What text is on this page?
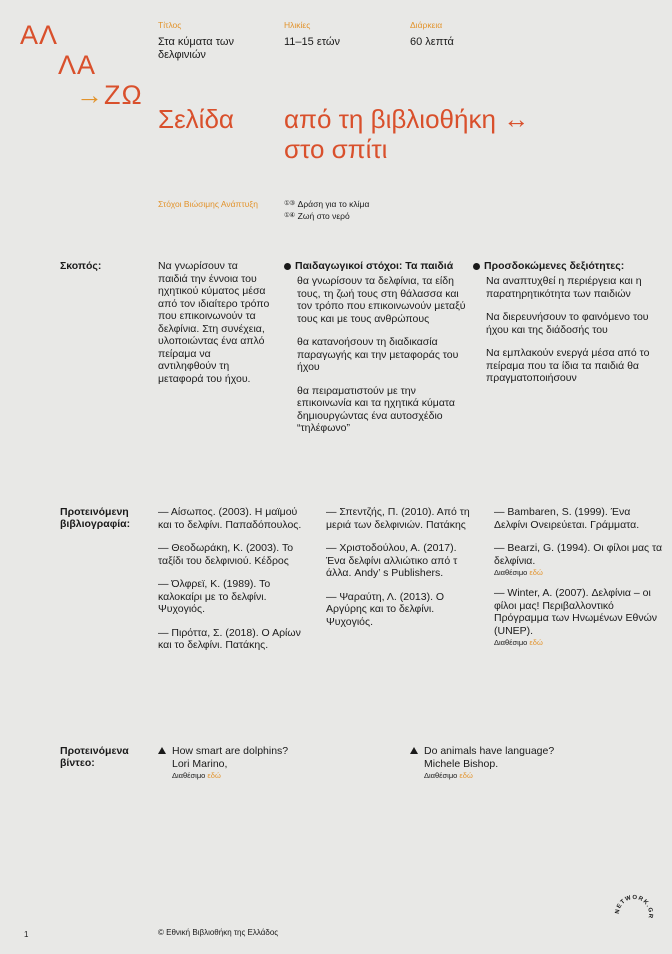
ΑΛ
ΛΑ
→ΖΩ
Τίτλος
Στα κύματα των δελφινιών
Ηλικίες
11–15 ετών
Διάρκεια
60 λεπτά
Σελίδα από τη βιβλιοθήκη ↔
στο σπίτι
Στόχοι Βιώσιμης Ανάπτυξη	①③ Δράση για το κλίμα
①④ Ζωή στο νερό
Σκοπός:	Να γνωρίσουν τα παιδιά την έννοια του ηχητικού κύματος μέσα από τον ιδιαίτερο τρόπο που επικοινωνούν τα δελφίνια. Στη συνέχεια, υλοποιώντας ένα απλό πείραμα να αντιληφθούν τη μεταφορά του ήχου.
Παιδαγωγικοί στόχοι: Τα παιδιά
θα γνωρίσουν τα δελφίνια, τα είδη τους, τη ζωή τους στη θάλασσα και τον τρόπο που επικοινωνούν μεταξύ τους και με τους ανθρώπους
θα κατανοήσουν τη διαδικασία παραγωγής και την μεταφοράς του ήχου
θα πειραματιστούν με την επικοινωνία και τα ηχητικά κύματα δημιουργώντας ένα αυτοσχέδιο “τηλέφωνο”
Προσδοκώμενες δεξιότητες:
Να αναπτυχθεί η περιέργεια και η παρατηρητικότητα των παιδιών
Να διερευνήσουν το φαινόμενο του ήχου και της διάδοσής του
Να εμπλακούν ενεργά μέσα από το πείραμα που τα ίδια τα παιδιά θα πραγματοποιήσουν
Προτεινόμενη βιβλιογραφία:
— Αίσωπος. (2003). Η μαϊμού και το δελφίνι. Παπαδόπουλος.
— Θεοδωράκη, Κ. (2003). Το ταξίδι του δελφινιού. Κέδρος
— Όλφρεϊ, Κ. (1989). Το καλοκαίρι με το δελφίνι. Ψυχογιός.
— Πιρόττα, Σ. (2018). Ο Αρίων και το δελφίνι. Πατάκης.
— Σπεντζής, Π. (2010). Από τη μεριά των δελφινιών. Πατάκης
— Χριστοδούλου, Α. (2017). Ένα δελφίνι αλλιώτικο από τ άλλα. Andy’ s Publishers.
— Ψαραύτη, Λ. (2013). Ο Αργύρης και το δελφίνι. Ψυχογιός.
— Bambaren, S. (1999). Ένα Δελφίνι Ονειρεύεται. Γράμματα.
— Bearzi, G. (1994). Οι φίλοι μας τα δελφίνια.
Διαθέσιμο εδώ
— Winter, A. (2007). Δελφίνια – οι φίλοι μας! Περιβαλλοντικό Πρόγραμμα των Ηνωμένων Εθνών (UNEP).
Διαθέσιμο εδώ
Προτεινόμενα βίντεο:
How smart are dolphins?
Lori Marino,
Διαθέσιμο εδώ
Do animals have language?
Michele Bishop.
Διαθέσιμο εδώ
1	© Εθνική Βιβλιοθήκη της Ελλάδος
NETWORK.GR
